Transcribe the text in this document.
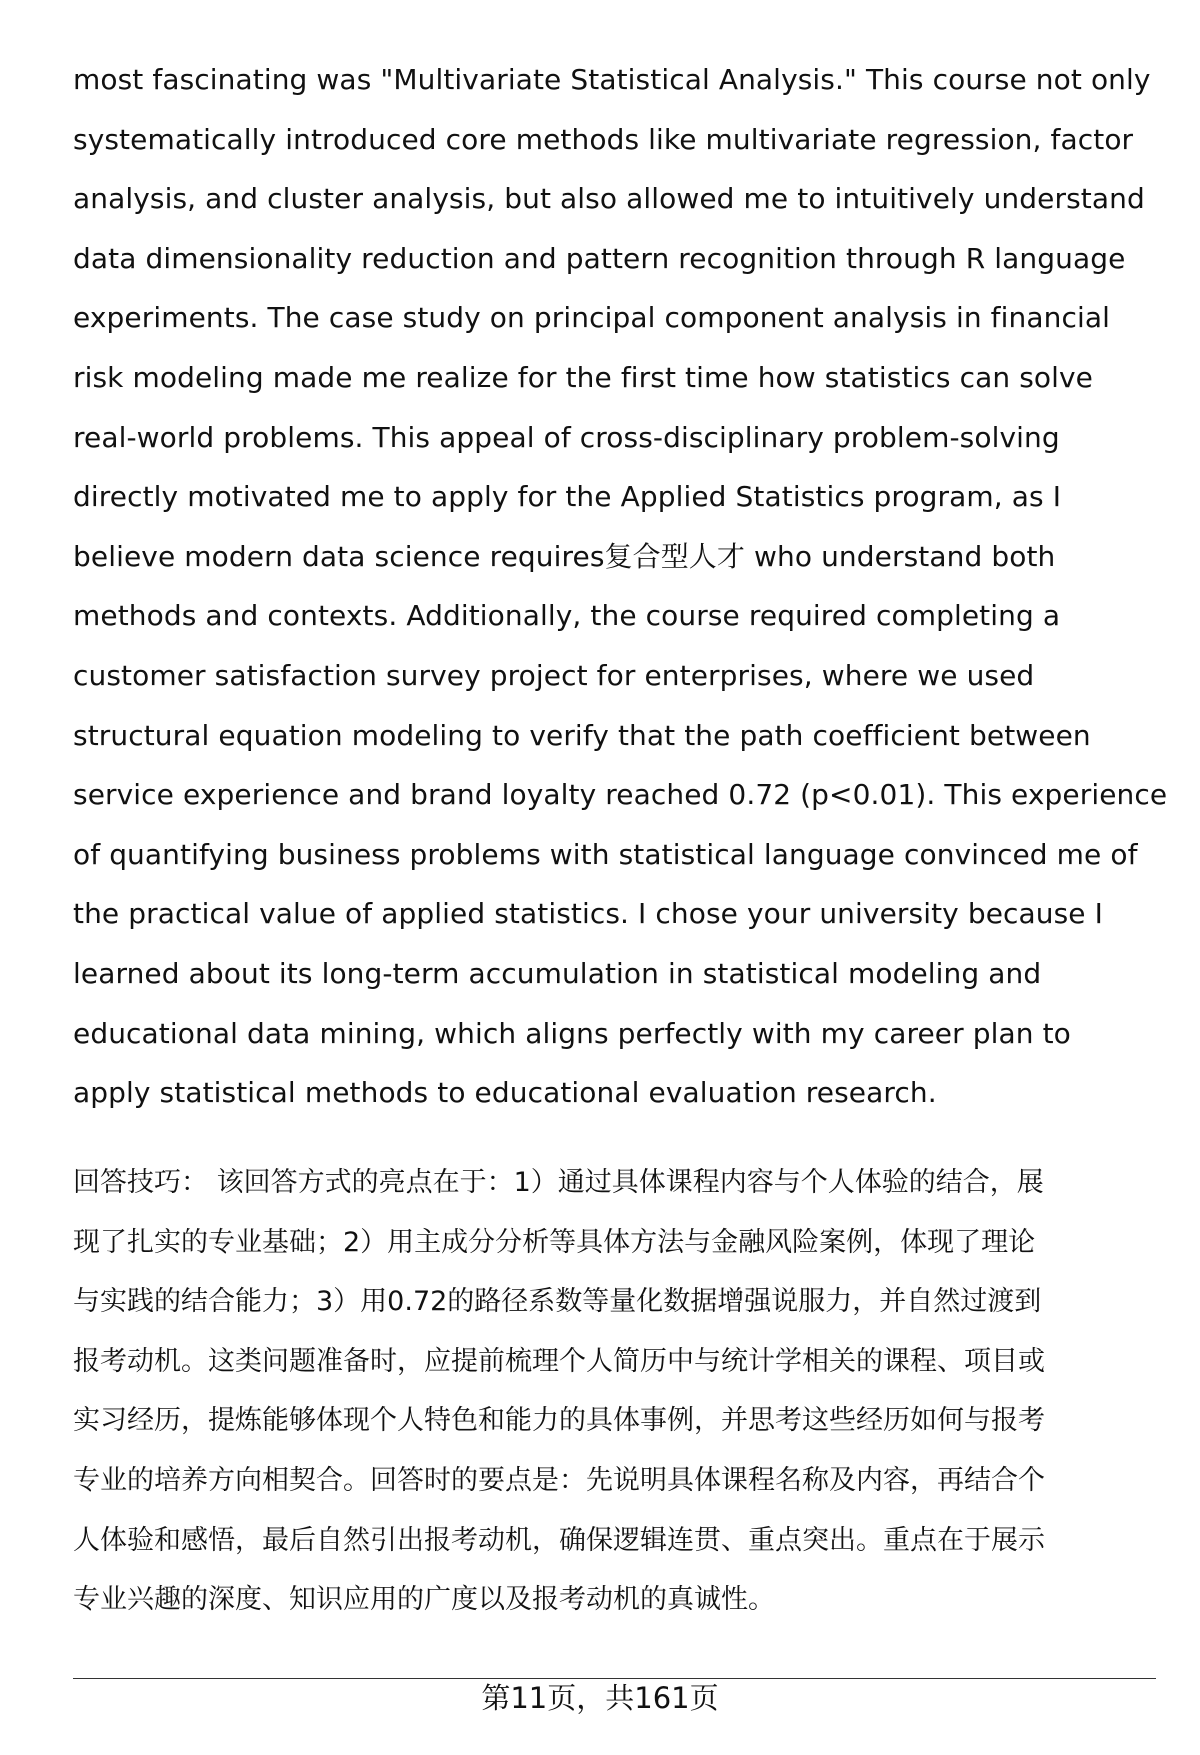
most fascinating was "Multivariate Statistical Analysis." This course not only
systematically introduced core methods like multivariate regression, factor
analysis, and cluster analysis, but also allowed me to intuitively understand
data dimensionality reduction and pattern recognition through R language
experiments. The case study on principal component analysis in financial
risk modeling made me realize for the first time how statistics can solve
real-world problems. This appeal of cross-disciplinary problem-solving
directly motivated me to apply for the Applied Statistics program, as I
believe modern data science requires复合型人才 who understand both
methods and contexts. Additionally, the course required completing a
customer satisfaction survey project for enterprises, where we used
structural equation modeling to verify that the path coefficient between
service experience and brand loyalty reached 0.72 (p<0.01). This experience
of quantifying business problems with statistical language convinced me of
the practical value of applied statistics. I chose your university because I
learned about its long-term accumulation in statistical modeling and
educational data mining, which aligns perfectly with my career plan to
apply statistical methods to educational evaluation research.
回答技巧： 该回答方式的亮点在于：1）通过具体课程内容与个人体验的结合，展
现了扎实的专业基础；2）用主成分分析等具体方法与金融风险案例，体现了理论
与实践的结合能力；3）用0.72的路径系数等量化数据增强说服力，并自然过渡到
报考动机。这类问题准备时，应提前梳理个人简历中与统计学相关的课程、项目或
实习经历，提炼能够体现个人特色和能力的具体事例，并思考这些经历如何与报考
专业的培养方向相契合。回答时的要点是：先说明具体课程名称及内容，再结合个
人体验和感悟，最后自然引出报考动机，确保逻辑连贯、重点突出。重点在于展示
专业兴趣的深度、知识应用的广度以及报考动机的真诚性。
第11页，共161页
